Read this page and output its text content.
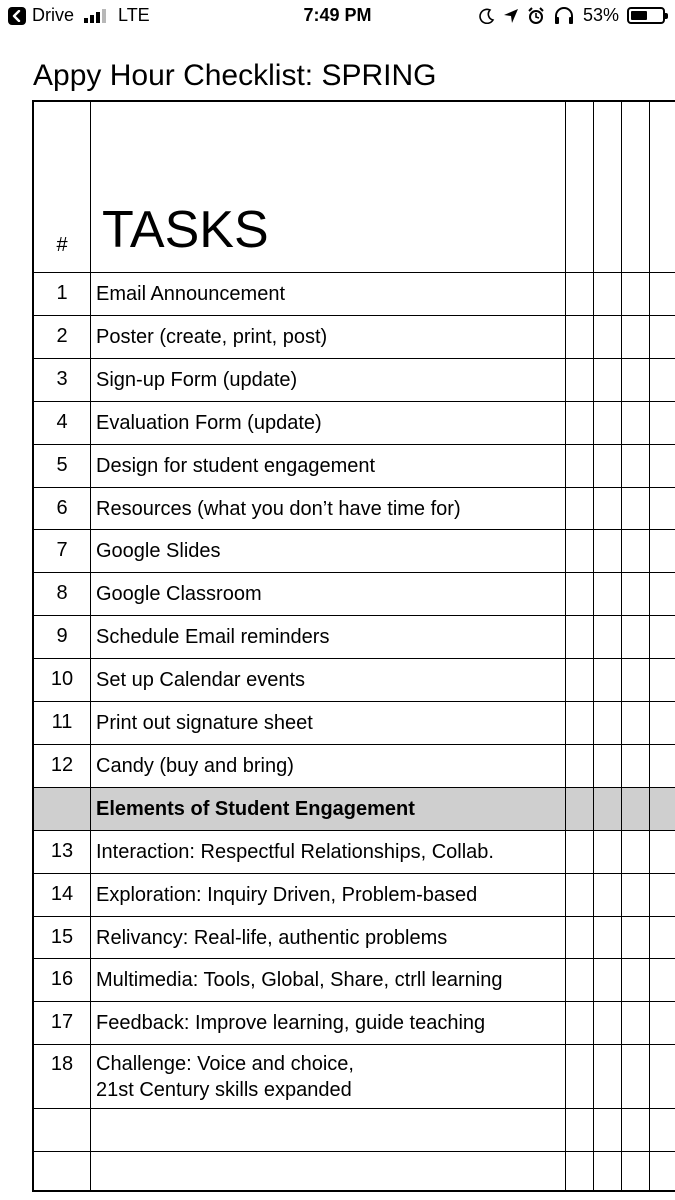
Drive LTE	7:49 PM	53%
Appy Hour Checklist: SPRING
# TASKS
1	Email Announcement
2	Poster (create, print, post)
3	Sign-up Form (update)
4	Evaluation Form (update)
5	Design for student engagement
6	Resources (what you don’t have time for)
7	Google Slides
8	Google Classroom
9	Schedule Email reminders
10	Set up Calendar events
11	Print out signature sheet
12	Candy (buy and bring)
Elements of Student Engagement
13	Interaction: Respectful Relationships, Collab.
14	Exploration: Inquiry Driven, Problem-based
15	Relivancy: Real-life, authentic problems
16	Multimedia: Tools, Global, Share, ctrll learning
17	Feedback: Improve learning, guide teaching
18	Challenge: Voice and choice,
21st Century skills expanded
